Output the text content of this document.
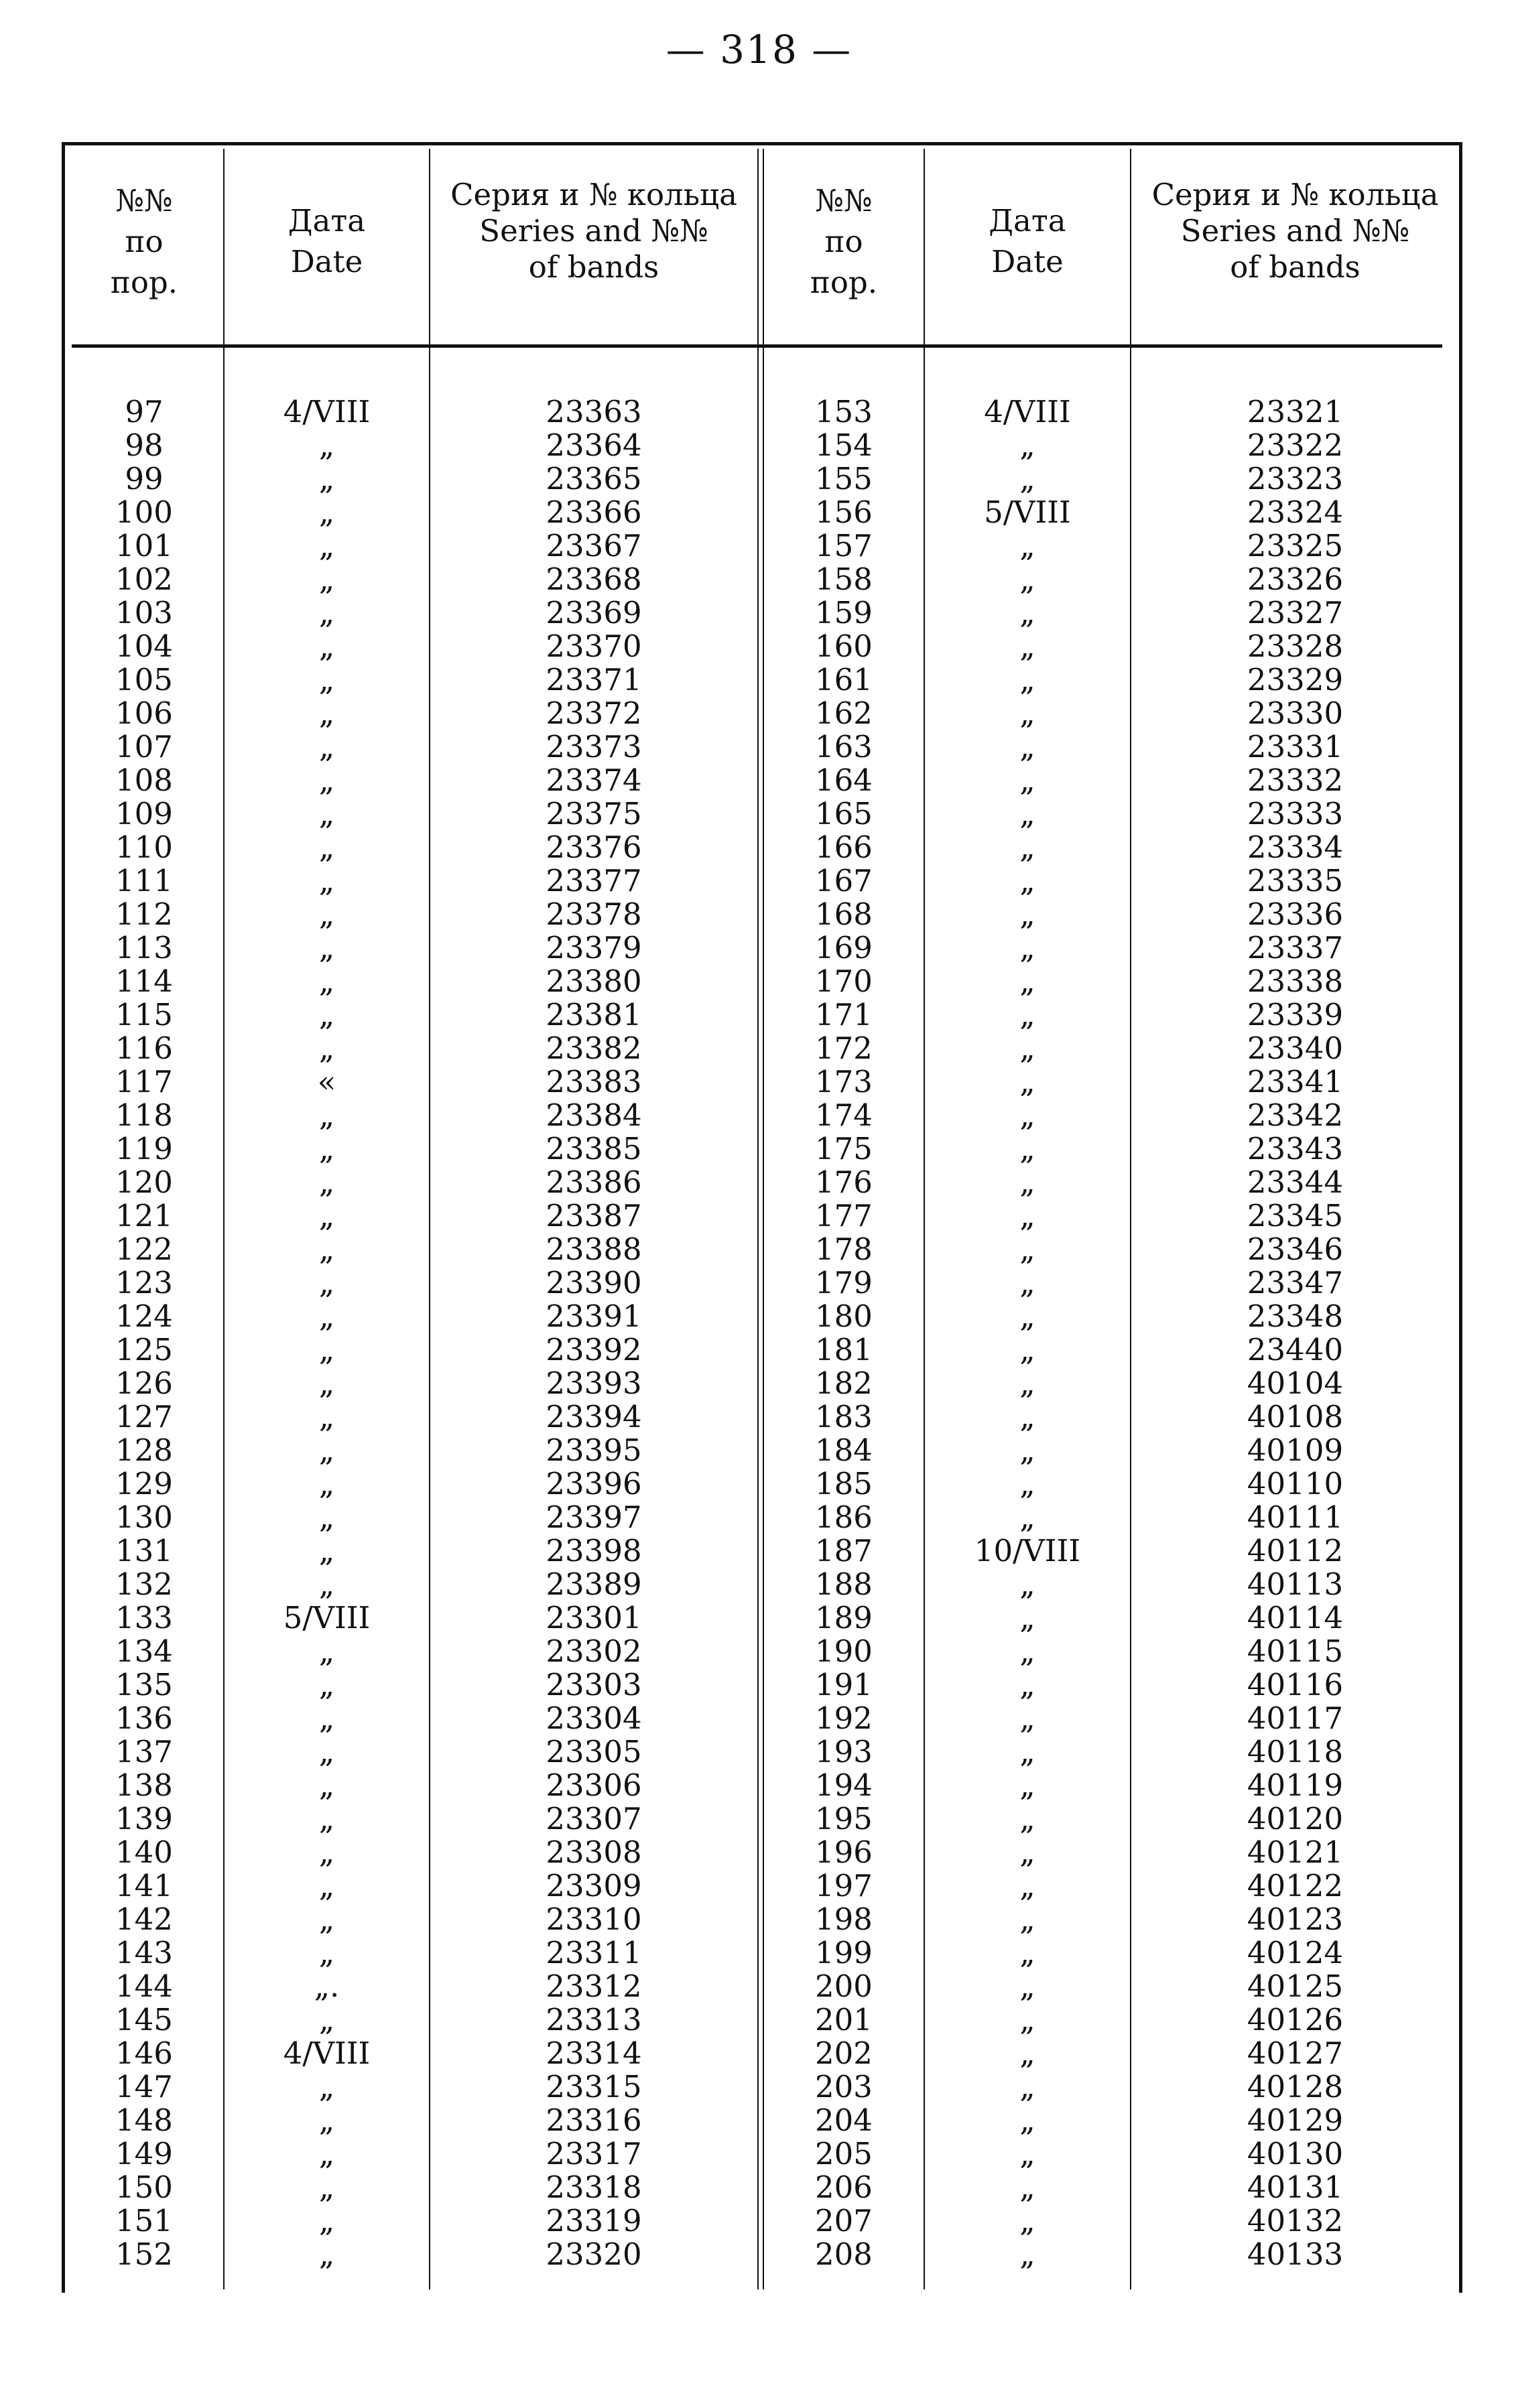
— 318 —
№№
по
пор.
Дата
Date
Серия и № кольца
Series and №№
of bands
№№
по
пор.
Дата
Date
Серия и № кольца
Series and №№
of bands
97
98
99
100
101
102
103
104
105
106
107
108
109
110
111
112
113
114
115
116
117
118
119
120
121
122
123
124
125
126
127
128
129
130
131
132
133
134
135
136
137
138
139
140
141
142
143
144
145
146
147
148
149
150
151
152
4/VIII
„
„
„
„
„
„
„
„
„
„
„
„
„
„
„
„
„
„
„
«
„
„
„
„
„
„
„
„
„
„
„
„
„
„
„
5/VIII
„
„
„
„
„
„
„
„
„
„
„.
„
4/VIII
„
„
„
„
„
„
23363
23364
23365
23366
23367
23368
23369
23370
23371
23372
23373
23374
23375
23376
23377
23378
23379
23380
23381
23382
23383
23384
23385
23386
23387
23388
23390
23391
23392
23393
23394
23395
23396
23397
23398
23389
23301
23302
23303
23304
23305
23306
23307
23308
23309
23310
23311
23312
23313
23314
23315
23316
23317
23318
23319
23320
153
154
155
156
157
158
159
160
161
162
163
164
165
166
167
168
169
170
171
172
173
174
175
176
177
178
179
180
181
182
183
184
185
186
187
188
189
190
191
192
193
194
195
196
197
198
199
200
201
202
203
204
205
206
207
208
4/VIII
„
„
5/VIII
„
„
„
„
„
„
„
„
„
„
„
„
„
„
„
„
„
„
„
„
„
„
„
„
„
„
„
„
„
„
10/VIII
„
„
„
„
„
„
„
„
„
„
„
„
„
„
„
„
„
„
„
„
„
23321
23322
23323
23324
23325
23326
23327
23328
23329
23330
23331
23332
23333
23334
23335
23336
23337
23338
23339
23340
23341
23342
23343
23344
23345
23346
23347
23348
23440
40104
40108
40109
40110
40111
40112
40113
40114
40115
40116
40117
40118
40119
40120
40121
40122
40123
40124
40125
40126
40127
40128
40129
40130
40131
40132
40133
